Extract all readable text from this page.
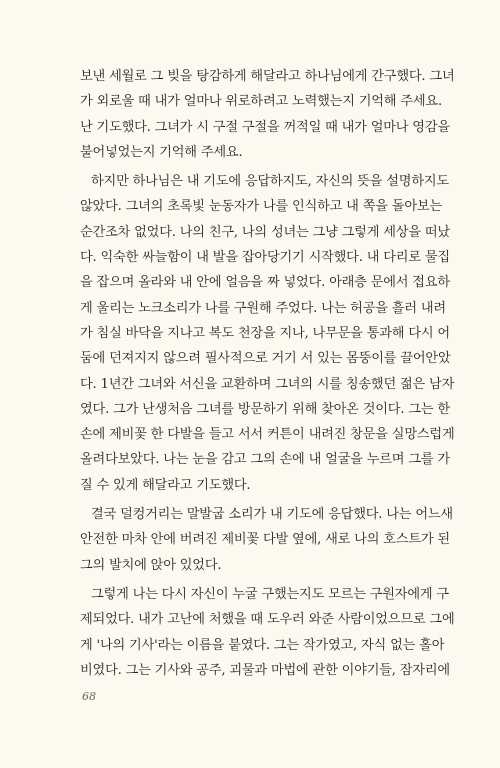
보낸 세월로 그 빚을 탕감하게 해달라고 하나님에게 간구했다. 그녀
가 외로울 때 내가 얼마나 위로하려고 노력했는지 기억해 주세요.
난 기도했다. 그녀가 시 구절 구절을 꺼적일 때 내가 얼마나 영감을
불어넣었는지 기억해 주세요.
하지만 하나님은 내 기도에 응답하지도, 자신의 뜻을 설명하지도
않았다. 그녀의 초록빛 눈동자가 나를 인식하고 내 쪽을 돌아보는
순간조차 없었다. 나의 친구, 나의 성녀는 그냥 그렇게 세상을 떠났
다. 익숙한 싸늘함이 내 발을 잡아당기기 시작했다. 내 다리로 물집
을 잡으며 올라와 내 안에 얼음을 짜 넣었다. 아래층 문에서 접요하
게 울리는 노크소리가 나를 구원해 주었다. 나는 허공을 흘러 내려
가 침실 바닥을 지나고 복도 천장을 지나, 나무문을 통과해 다시 어
둠에 던져지지 않으려 필사적으로 거기 서 있는 몸뚱이를 끌어안았
다. 1년간 그녀와 서신을 교환하며 그녀의 시를 칭송했던 젊은 남자
였다. 그가 난생처음 그녀를 방문하기 위해 찾아온 것이다. 그는 한
손에 제비꽃 한 다발을 들고 서서 커튼이 내려진 창문을 실망스럽게
올려다보았다. 나는 눈을 감고 그의 손에 내 얼굴을 누르며 그를 가
질 수 있게 해달라고 기도했다.
결국 덜컹거리는 말발굽 소리가 내 기도에 응답했다. 나는 어느새
안전한 마차 안에 버려진 제비꽃 다발 옆에, 새로 나의 호스트가 된
그의 발치에 앉아 있었다.
그렇게 나는 다시 자신이 누굴 구했는지도 모르는 구원자에게 구
제되었다. 내가 고난에 처했을 때 도우러 와준 사람이었으므로 그에
게 '나의 기사'라는 이름을 붙였다. 그는 작가였고, 자식 없는 홀아
비였다. 그는 기사와 공주, 괴물과 마법에 관한 이야기들, 잠자리에
68
